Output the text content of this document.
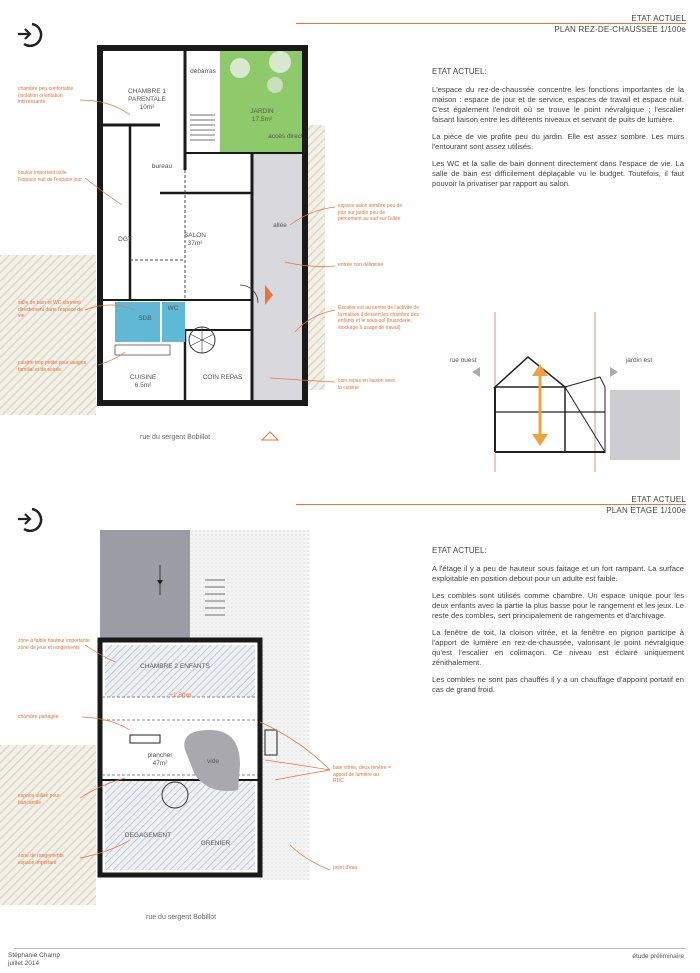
ETAT ACTUEL
PLAN REZ-DE-CHAUSSEE 1/100e
CHAMBRE 1 PARENTALE
10m²
débarras
JARDIN
17.5m²
accès direct
bureau
DGT
SALON
37m²
allée
SDB
WC
CUISINE
6.5m²
COIN REPAS
chambre peu confortable (isolation orientation intéressante
couloir important isole l'espace nuit de l'espace jour
salle de bain et WC donnent directement dans l'espace de vie
cuisine trop petite pour usages familial et de soirée
espace salon sombre peu de jour sur jardin peu de percement au sud sur l'allée
entrée non délimitée
Escalier est au centre de l'activité de la maison il dessert les chambre des enfants et le sous-sol (buanderie, stockage à usage de travail)
coin repas en liaison avec la cuisine
rue du sergent Bobillot
ETAT ACTUEL:

L'espace du rez-de-chaussée concentre les fonctions importantes de la maison : espace de jour et de service, espaces de travail et espace nuit. C'est également l'endroit où se trouve le point névralgique ; l'escalier faisant liaison entre les différents niveaux et servant de puits de lumière.

La pièce de vie profite peu du jardin. Elle est assez sombre. Les murs l'entourant sont assez utilisés.

Les WC et la salle de bain donnent directement dans l'espace de vie. La salle de bain est difficilement déplaçable vu le budget. Toutefois, il faut pouvoir la privatiser par rapport au salon.

rue ouest	jardin est
ETAT ACTUEL
PLAN ETAGE 1/100e
CHAMBRE 2 ENFANTS
+1.80m
plancher
47m²	vide
DEGAGEMENT
GRENIER
zone à faible hauteur importante zone de jeux et rangements
chambre partagée
espace utilisé pour bancarelle
zone de rangements espace important
baie vitrée, deux fenêtre = apport de lumière au RDC
point d'eau
rue du sergent Bobillot
ETAT ACTUEL:

A l'étage il y a peu de hauteur sous faitage et un fort rampant. La surface exploitable en position debout pour un adulte est faible.

Les combles sont utilisés comme chambre. Un espace unique pour les deux enfants avec la partie la plus basse pour le rangement et les jeux. Le reste des combles, sert principalement de rangements et d'archivage.

La fenêtre de toit, la cloison vitrée, et la fenêtre en pignon participe à l'apport de lumière en rez-de-chaussée, valorisant le point névralgique qu'est l'escalier en colimaçon. Ce niveau est éclairé uniquement zénithalement.

Les combles ne sont pas chauffés il y a un chauffage d'appoint portatif en cas de grand froid.

Stéphanie Champ
juillet 2014
étude préliminaire
